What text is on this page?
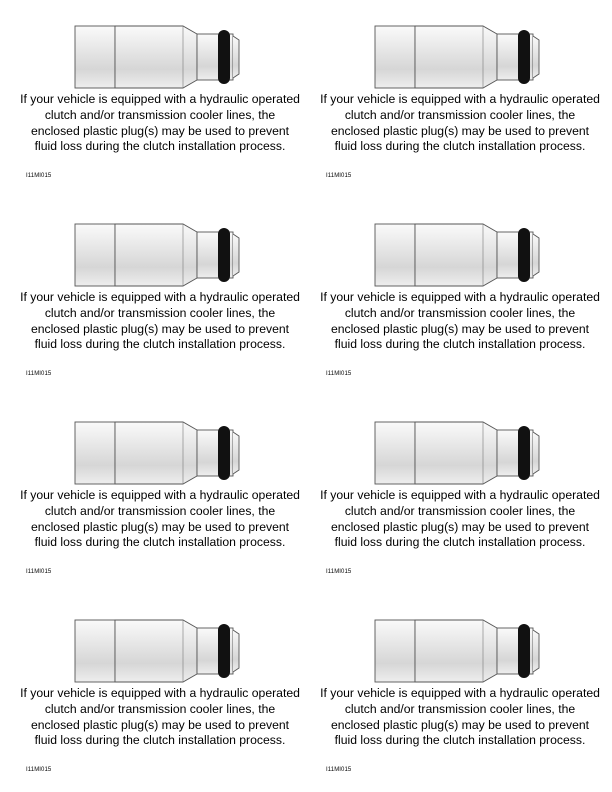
If your vehicle is equipped with a hydraulic operated clutch and/or transmission cooler lines, the enclosed plastic plug(s) may be used to prevent fluid loss during the clutch installation process.

I11MI015

If your vehicle is equipped with a hydraulic operated clutch and/or transmission cooler lines, the enclosed plastic plug(s) may be used to prevent fluid loss during the clutch installation process.

I11MI015

If your vehicle is equipped with a hydraulic operated clutch and/or transmission cooler lines, the enclosed plastic plug(s) may be used to prevent fluid loss during the clutch installation process.

I11MI015

If your vehicle is equipped with a hydraulic operated clutch and/or transmission cooler lines, the enclosed plastic plug(s) may be used to prevent fluid loss during the clutch installation process.

I11MI015

If your vehicle is equipped with a hydraulic operated clutch and/or transmission cooler lines, the enclosed plastic plug(s) may be used to prevent fluid loss during the clutch installation process.

I11MI015

If your vehicle is equipped with a hydraulic operated clutch and/or transmission cooler lines, the enclosed plastic plug(s) may be used to prevent fluid loss during the clutch installation process.

I11MI015

If your vehicle is equipped with a hydraulic operated clutch and/or transmission cooler lines, the enclosed plastic plug(s) may be used to prevent fluid loss during the clutch installation process.

I11MI015

If your vehicle is equipped with a hydraulic operated clutch and/or transmission cooler lines, the enclosed plastic plug(s) may be used to prevent fluid loss during the clutch installation process.

I11MI015
